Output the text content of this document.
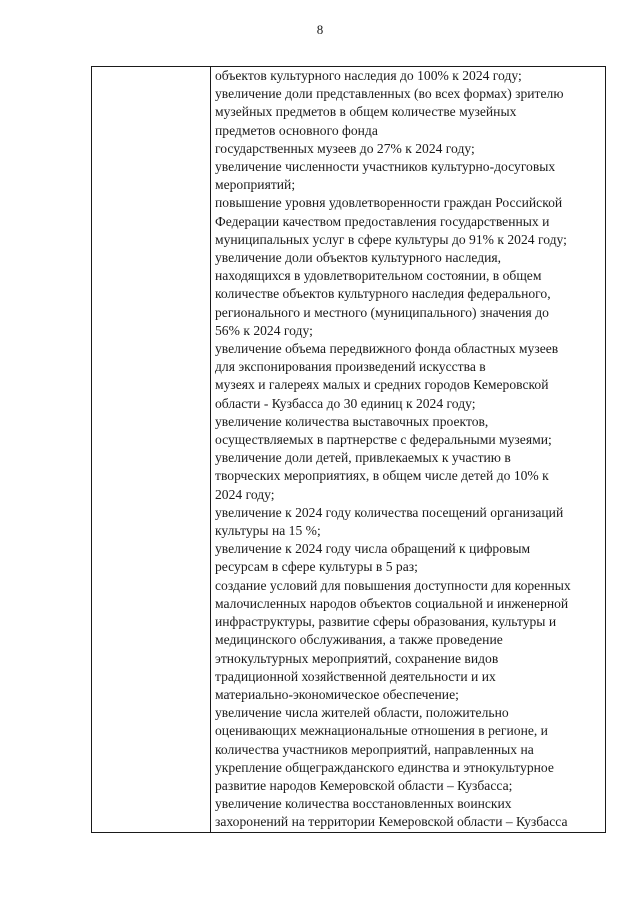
8

объектов культурного наследия до 100% к 2024 году;

увеличение доли представленных (во всех формах) зрителю

музейных предметов в общем количестве музейных

предметов основного фонда

государственных музеев до 27% к 2024 году;

увеличение численности участников культурно-досуговых

мероприятий;

повышение уровня удовлетворенности граждан Российской

Федерации качеством предоставления государственных и

муниципальных услуг в сфере культуры до 91% к 2024 году;

увеличение доли объектов культурного наследия,

находящихся в удовлетворительном состоянии, в общем

количестве объектов культурного наследия федерального,

регионального и местного (муниципального) значения до

56% к 2024 году;

увеличение объема передвижного фонда областных музеев

для экспонирования произведений искусства в

музеях и галереях малых и средних городов Кемеровской

области - Кузбасса до 30 единиц к 2024 году;

увеличение количества выставочных проектов,

осуществляемых в партнерстве с федеральными музеями;

увеличение доли детей, привлекаемых к участию в

творческих мероприятиях, в общем числе детей до 10% к

2024 году;

увеличение к 2024 году количества посещений организаций

культуры на 15 %;

увеличение к 2024 году числа обращений к цифровым

ресурсам в сфере культуры в 5 раз;

создание условий для повышения доступности для коренных

малочисленных народов объектов социальной и инженерной

инфраструктуры, развитие сферы образования, культуры и

медицинского обслуживания, а также проведение

этнокультурных мероприятий, сохранение видов

традиционной хозяйственной деятельности и их

материально-экономическое обеспечение;

увеличение числа жителей области, положительно

оценивающих межнациональные отношения в регионе, и

количества участников мероприятий, направленных на

укрепление общегражданского единства и этнокультурное

развитие народов Кемеровской области – Кузбасса;

увеличение количества восстановленных воинских

захоронений на территории Кемеровской области – Кузбасса
